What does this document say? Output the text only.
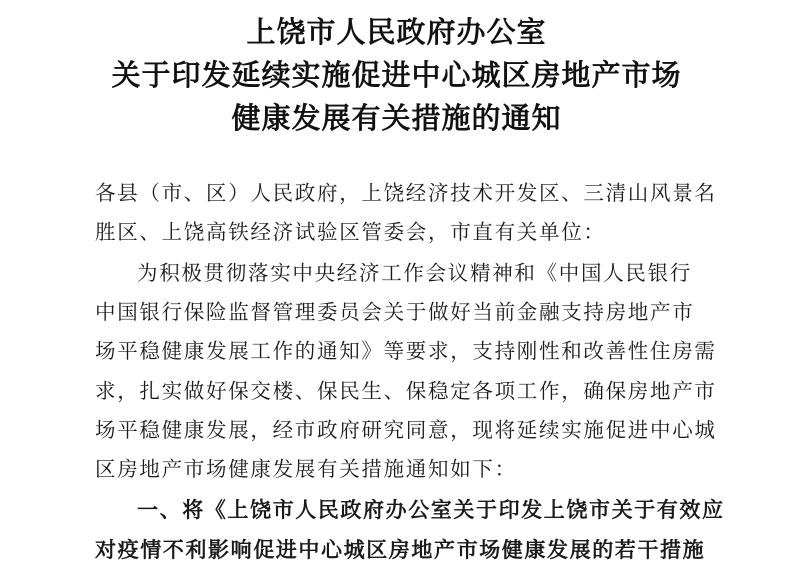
上饶市人民政府办公室
关于印发延续实施促进中心城区房地产市场
健康发展有关措施的通知
各县（市、区）人民政府，上饶经济技术开发区、三清山风景名
胜区、上饶高铁经济试验区管委会，市直有关单位：
为积极贯彻落实中央经济工作会议精神和《中国人民银行
中国银行保险监督管理委员会关于做好当前金融支持房地产市
场平稳健康发展工作的通知》等要求，支持刚性和改善性住房需
求，扎实做好保交楼、保民生、保稳定各项工作，确保房地产市
场平稳健康发展，经市政府研究同意，现将延续实施促进中心城
区房地产市场健康发展有关措施通知如下：
一、将《上饶市人民政府办公室关于印发上饶市关于有效应
对疫情不利影响促进中心城区房地产市场健康发展的若干措施
